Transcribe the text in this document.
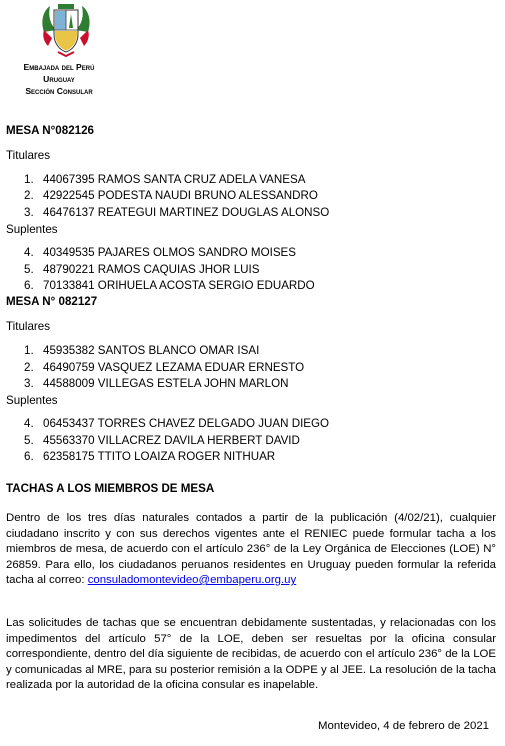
Embajada del Perú
Uruguay
Sección Consular
MESA N°082126
Titulares
1. 44067395 RAMOS SANTA CRUZ ADELA VANESA
2. 42922545 PODESTA NAUDI BRUNO ALESSANDRO
3. 46476137 REATEGUI MARTINEZ DOUGLAS ALONSO
Suplentes
4. 40349535 PAJARES OLMOS SANDRO MOISES
5. 48790221 RAMOS CAQUIAS JHOR LUIS
6. 70133841 ORIHUELA ACOSTA SERGIO EDUARDO
MESA N° 082127
Titulares
1. 45935382 SANTOS BLANCO OMAR ISAI
2. 46490759 VASQUEZ LEZAMA EDUAR ERNESTO
3. 44588009 VILLEGAS ESTELA JOHN MARLON
Suplentes
4. 06453437 TORRES CHAVEZ DELGADO JUAN DIEGO
5. 45563370 VILLACREZ DAVILA HERBERT DAVID
6. 62358175 TTITO LOAIZA ROGER NITHUAR
TACHAS A LOS MIEMBROS DE MESA

Dentro de los tres días naturales contados a partir de la publicación (4/02/21), cualquier ciudadano inscrito y con sus derechos vigentes ante el RENIEC puede formular tacha a los miembros de mesa, de acuerdo con el artículo 236° de la Ley Orgánica de Elecciones (LOE) N° 26859. Para ello, los ciudadanos peruanos residentes en Uruguay pueden formular la referida tacha al correo: consuladomontevideo@embaperu.org.uy

Las solicitudes de tachas que se encuentran debidamente sustentadas, y relacionadas con los impedimentos del artículo 57° de la LOE, deben ser resueltas por la oficina consular correspondiente, dentro del día siguiente de recibidas, de acuerdo con el artículo 236° de la LOE y comunicadas al MRE, para su posterior remisión a la ODPE y al JEE. La resolución de la tacha realizada por la autoridad de la oficina consular es inapelable.

Montevideo, 4 de febrero de 2021
